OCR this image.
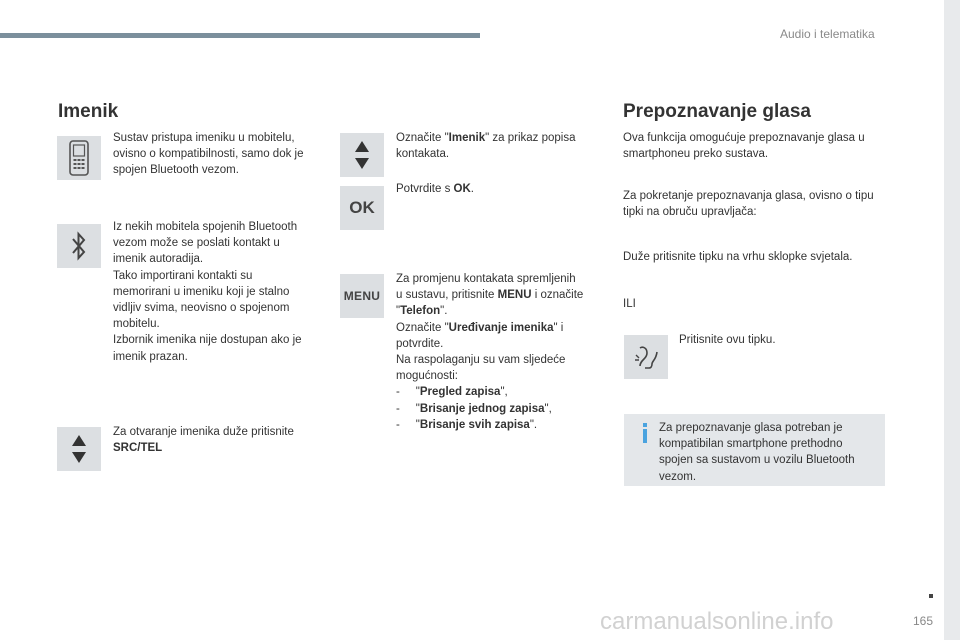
Audio i telematika
Imenik
Sustav pristupa imeniku u mobitelu, ovisno o kompatibilnosti, samo dok je spojen Bluetooth vezom.
Iz nekih mobitela spojenih Bluetooth
vezom može se poslati kontakt u
imenik autoradija.
Tako importirani kontakti su
memorirani u imeniku koji je stalno
vidljiv svima, neovisno o spojenom
mobitelu.
Izbornik imenika nije dostupan ako je
imenik prazan.
Za otvaranje imenika duže pritisnite
SRC/TEL
Označite "Imenik" za prikaz popisa kontakata.
OK
Potvrdite s OK.
MENU
Za promjenu kontakata spremljenih
u sustavu, pritisnite MENU i označite
"Telefon".
Označite "Uređivanje imenika" i
potvrdite.
Na raspolaganju su vam sljedeće
mogućnosti:
-     "Pregled zapisa",
-     "Brisanje jednog zapisa",
-     "Brisanje svih zapisa".
Prepoznavanje glasa
Ova funkcija omogućuje prepoznavanje glasa u smartphoneu preko sustava.
Za pokretanje prepoznavanja glasa, ovisno o tipu tipki na obruču upravljača:
Duže pritisnite tipku na vrhu sklopke svjetala.
ILI
Pritisnite ovu tipku.
Za prepoznavanje glasa potreban je kompatibilan smartphone prethodno spojen sa sustavom u vozilu Bluetooth vezom.
carmanualsonline.info	165
